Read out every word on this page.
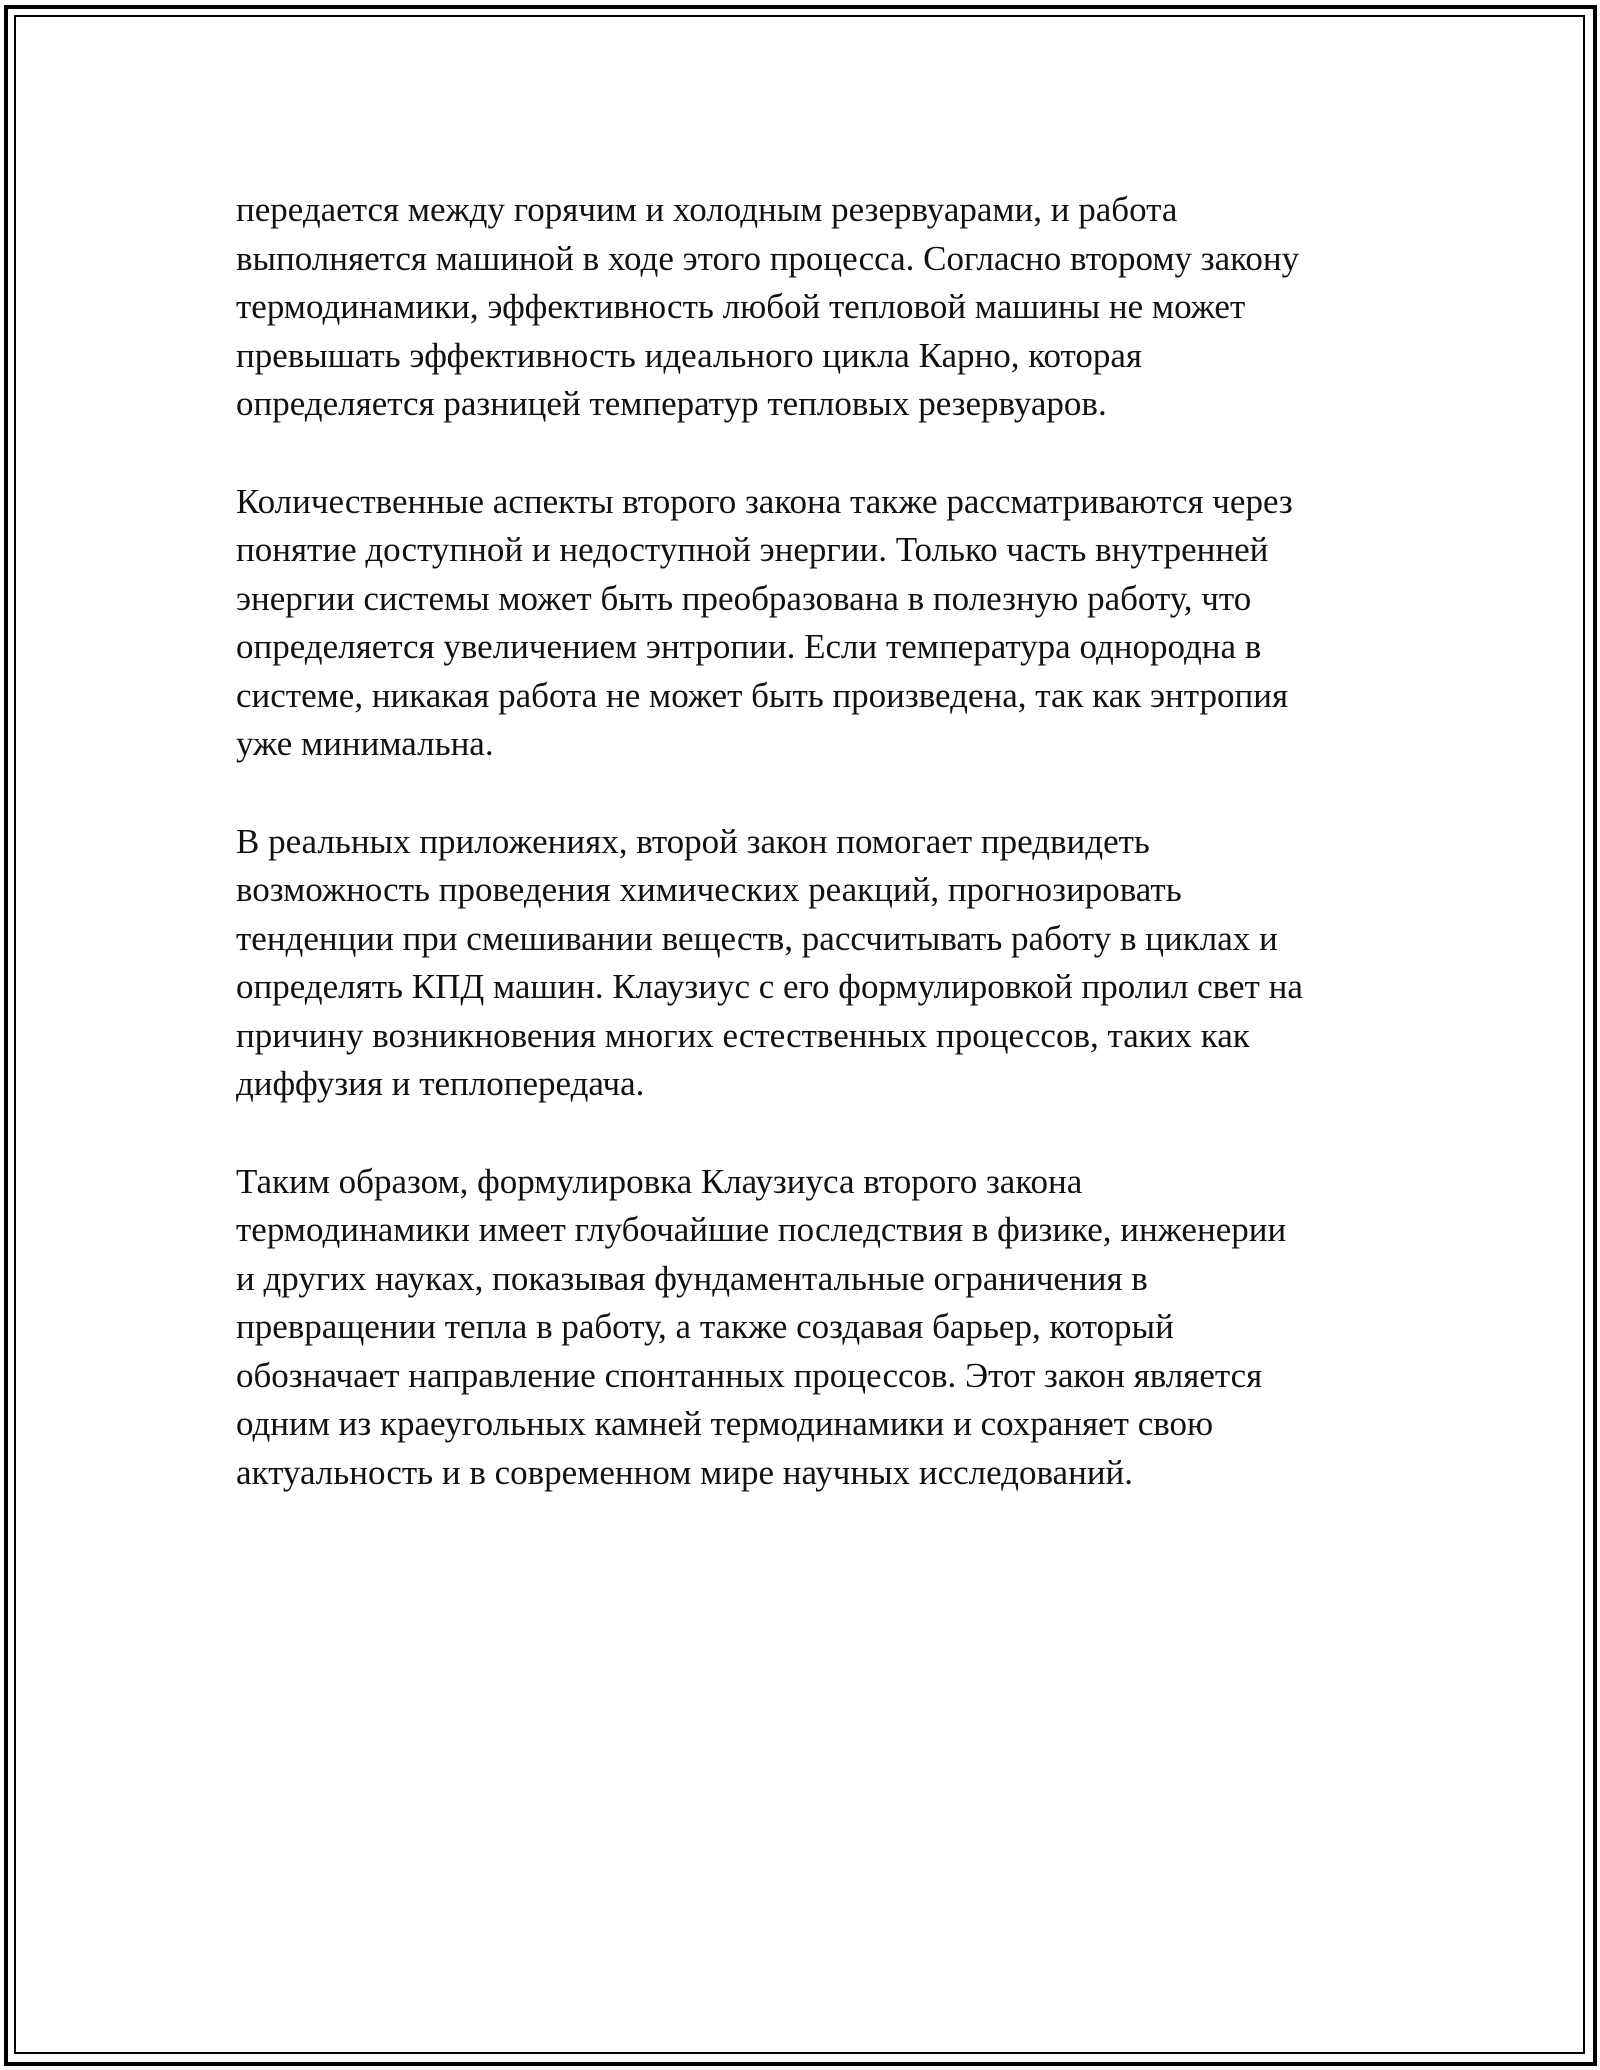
передается между горячим и холодным резервуарами, и работа
выполняется машиной в ходе этого процесса. Согласно второму закону
термодинамики, эффективность любой тепловой машины не может
превышать эффективность идеального цикла Карно, которая
определяется разницей температур тепловых резервуаров.

Количественные аспекты второго закона также рассматриваются через
понятие доступной и недоступной энергии. Только часть внутренней
энергии системы может быть преобразована в полезную работу, что
определяется увеличением энтропии. Если температура однородна в
системе, никакая работа не может быть произведена, так как энтропия
уже минимальна.

В реальных приложениях, второй закон помогает предвидеть
возможность проведения химических реакций, прогнозировать
тенденции при смешивании веществ, рассчитывать работу в циклах и
определять КПД машин. Клаузиус с его формулировкой пролил свет на
причину возникновения многих естественных процессов, таких как
диффузия и теплопередача.

Таким образом, формулировка Клаузиуса второго закона
термодинамики имеет глубочайшие последствия в физике, инженерии
и других науках, показывая фундаментальные ограничения в
превращении тепла в работу, а также создавая барьер, который
обозначает направление спонтанных процессов. Этот закон является
одним из краеугольных камней термодинамики и сохраняет свою
актуальность и в современном мире научных исследований.
